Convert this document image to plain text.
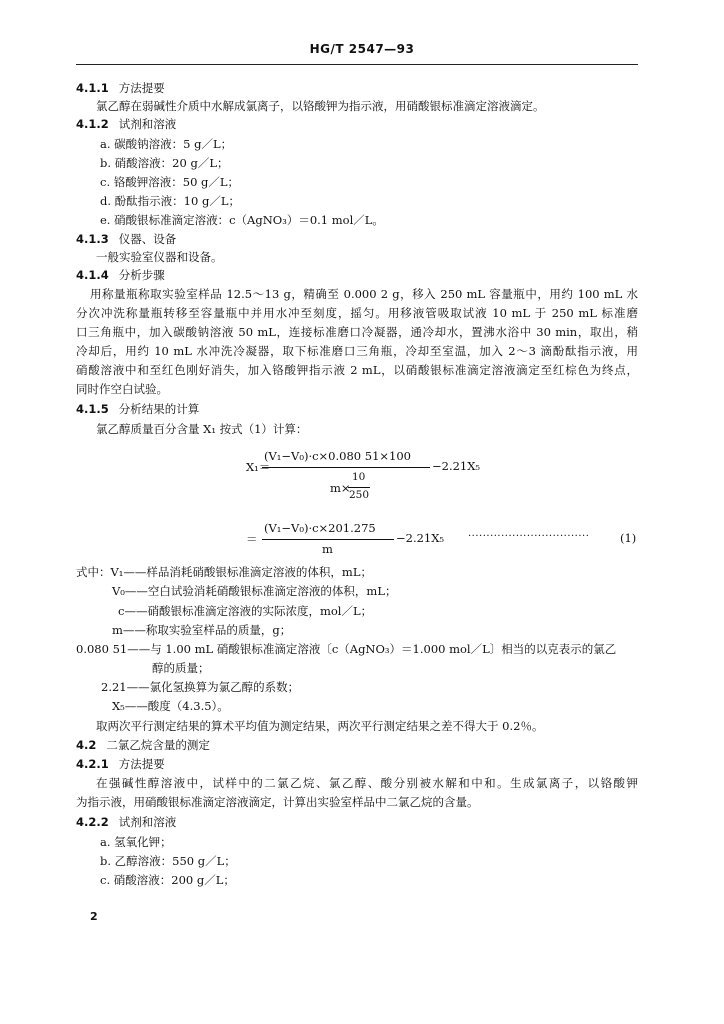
HG/T 2547—93
4.1.1 方法提要
氯乙醇在弱碱性介质中水解成氯离子，以铬酸钾为指示液，用硝酸银标准滴定溶液滴定。
4.1.2 试剂和溶液
a. 碳酸钠溶液：5 g／L；
b. 硝酸溶液：20 g／L；
c. 铬酸钾溶液：50 g／L；
d. 酚酞指示液：10 g／L；
e. 硝酸银标准滴定溶液：c（AgNO₃）＝0.1 mol／L。
4.1.3 仪器、设备
一般实验室仪器和设备。
4.1.4 分析步骤
用称量瓶称取实验室样品 12.5～13 g，精确至 0.000 2 g，移入 250 mL 容量瓶中，用约 100 mL 水
分次冲洗称量瓶转移至容量瓶中并用水冲至刻度，摇匀。用移液管吸取试液 10 mL 于 250 mL 标准磨
口三角瓶中，加入碳酸钠溶液 50 mL，连接标准磨口冷凝器，通冷却水，置沸水浴中 30 min，取出，稍
冷却后，用约 10 mL 水冲洗冷凝器，取下标准磨口三角瓶，冷却至室温，加入 2～3 滴酚酞指示液，用
硝酸溶液中和至红色刚好消失，加入铬酸钾指示液 2 mL，以硝酸银标准滴定溶液滴定至红棕色为终点，
同时作空白试验。
4.1.5 分析结果的计算
氯乙醇质量百分含量 X₁ 按式（1）计算：
式中：V₁——样品消耗硝酸银标准滴定溶液的体积，mL；
V₀——空白试验消耗硝酸银标准滴定溶液的体积，mL；
c——硝酸银标准滴定溶液的实际浓度，mol／L；
m——称取实验室样品的质量，g；
0.080 51——与 1.00 mL 硝酸银标准滴定溶液〔c（AgNO₃）＝1.000 mol／L〕相当的以克表示的氯乙
醇的质量；
2.21——氯化氢换算为氯乙醇的系数；
X₅——酸度（4.3.5）。
取两次平行测定结果的算术平均值为测定结果，两次平行测定结果之差不得大于 0.2％。
4.2 二氯乙烷含量的测定
4.2.1 方法提要
在强碱性醇溶液中，试样中的二氯乙烷、氯乙醇、酸分别被水解和中和。生成氯离子，以铬酸钾
为指示液，用硝酸银标准滴定溶液滴定，计算出实验室样品中二氯乙烷的含量。
4.2.2 试剂和溶液
a. 氢氧化钾；
b. 乙醇溶液：550 g／L；
c. 硝酸溶液：200 g／L；
X₁＝
(V₁−V₀)·c×0.080 51×100
m×
10
250
−2.21X₅
＝
(V₁−V₀)·c×201.275
m
−2.21X₅ ·································	(1)
2
